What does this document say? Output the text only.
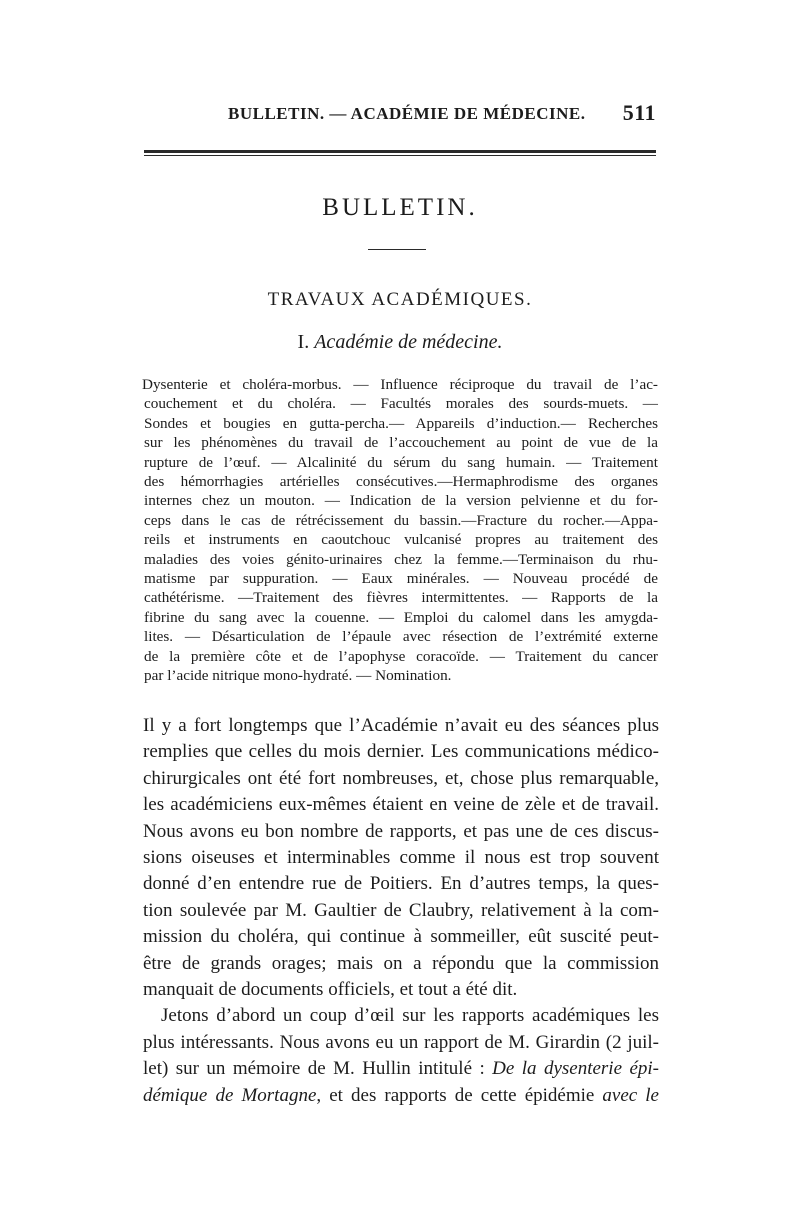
BULLETIN. — ACADÉMIE DE MÉDECINE. 511
BULLETIN.
TRAVAUX ACADÉMIQUES.
I. Académie de médecine.
Dysenterie et choléra-morbus. — Influence réciproque du travail de l’ac-
couchement et du choléra. — Facultés morales des sourds-muets. —
Sondes et bougies en gutta-percha.— Appareils d’induction.— Recherches
sur les phénomènes du travail de l’accouchement au point de vue de la
rupture de l’œuf. — Alcalinité du sérum du sang humain. — Traitement
des hémorrhagies artérielles consécutives.—Hermaphrodisme des organes
internes chez un mouton. — Indication de la version pelvienne et du for-
ceps dans le cas de rétrécissement du bassin.—Fracture du rocher.—Appa-
reils et instruments en caoutchouc vulcanisé propres au traitement des
maladies des voies génito-urinaires chez la femme.—Terminaison du rhu-
matisme par suppuration. — Eaux minérales. — Nouveau procédé de
cathétérisme. —Traitement des fièvres intermittentes. — Rapports de la
fibrine du sang avec la couenne. — Emploi du calomel dans les amygda-
lites. — Désarticulation de l’épaule avec résection de l’extrémité externe
de la première côte et de l’apophyse coracoïde. — Traitement du cancer
par l’acide nitrique mono-hydraté. — Nomination.
Il y a fort longtemps que l’Académie n’avait eu des séances plus
remplies que celles du mois dernier. Les communications médico-
chirurgicales ont été fort nombreuses, et, chose plus remarquable,
les académiciens eux-mêmes étaient en veine de zèle et de travail.
Nous avons eu bon nombre de rapports, et pas une de ces discus-
sions oiseuses et interminables comme il nous est trop souvent
donné d’en entendre rue de Poitiers. En d’autres temps, la ques-
tion soulevée par M. Gaultier de Claubry, relativement à la com-
mission du choléra, qui continue à sommeiller, eût suscité peut-
être de grands orages; mais on a répondu que la commission
manquait de documents officiels, et tout a été dit.
Jetons d’abord un coup d’œil sur les rapports académiques les
plus intéressants. Nous avons eu un rapport de M. Girardin (2 juil-
let) sur un mémoire de M. Hullin intitulé : De la dysenterie épi-
démique de Mortagne, et des rapports de cette épidémie avec le
